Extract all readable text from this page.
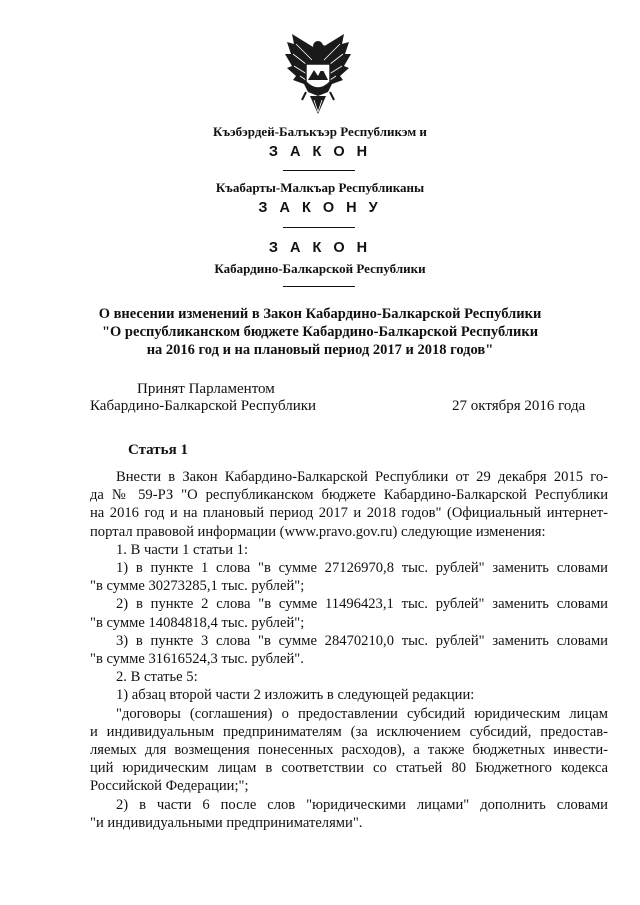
Къэбэрдей-Балъкъэр Республикэм и
З А К О Н
Къабарты-Малкъар Республиканы
З А К О Н У
З А К О Н
Кабардино-Балкарской Республики
О внесении изменений в Закон Кабардино-Балкарской Республики
"О республиканском бюджете Кабардино-Балкарской Республики
на 2016 год и на плановый период 2017 и 2018 годов"
Принят Парламентом
Кабардино-Балкарской Республики	27 октября 2016 года
Статья 1

Внести в Закон Кабардино-Балкарской Республики от 29 декабря 2015 го-

да № 59-РЗ "О республиканском бюджете Кабардино-Балкарской Республики

на 2016 год и на плановый период 2017 и 2018 годов" (Официальный интернет-

портал правовой информации (www.pravo.gov.ru) следующие изменения:

1. В части 1 статьи 1:

1) в пункте 1 слова "в сумме 27126970,8 тыс. рублей" заменить словами

"в сумме 30273285,1 тыс. рублей";

2) в пункте 2 слова "в сумме 11496423,1 тыс. рублей" заменить словами

"в сумме 14084818,4 тыс. рублей";

3) в пункте 3 слова "в сумме 28470210,0 тыс. рублей" заменить словами

"в сумме 31616524,3 тыс. рублей".

2. В статье 5:

1) абзац второй части 2 изложить в следующей редакции:

"договоры (соглашения) о предоставлении субсидий юридическим лицам

и индивидуальным предпринимателям (за исключением субсидий, предостав-

ляемых для возмещения понесенных расходов), а также бюджетных инвести-

ций юридическим лицам в соответствии со статьей 80 Бюджетного кодекса

Российской Федерации;";

2) в части 6 после слов "юридическими лицами" дополнить словами

"и индивидуальными предпринимателями".
